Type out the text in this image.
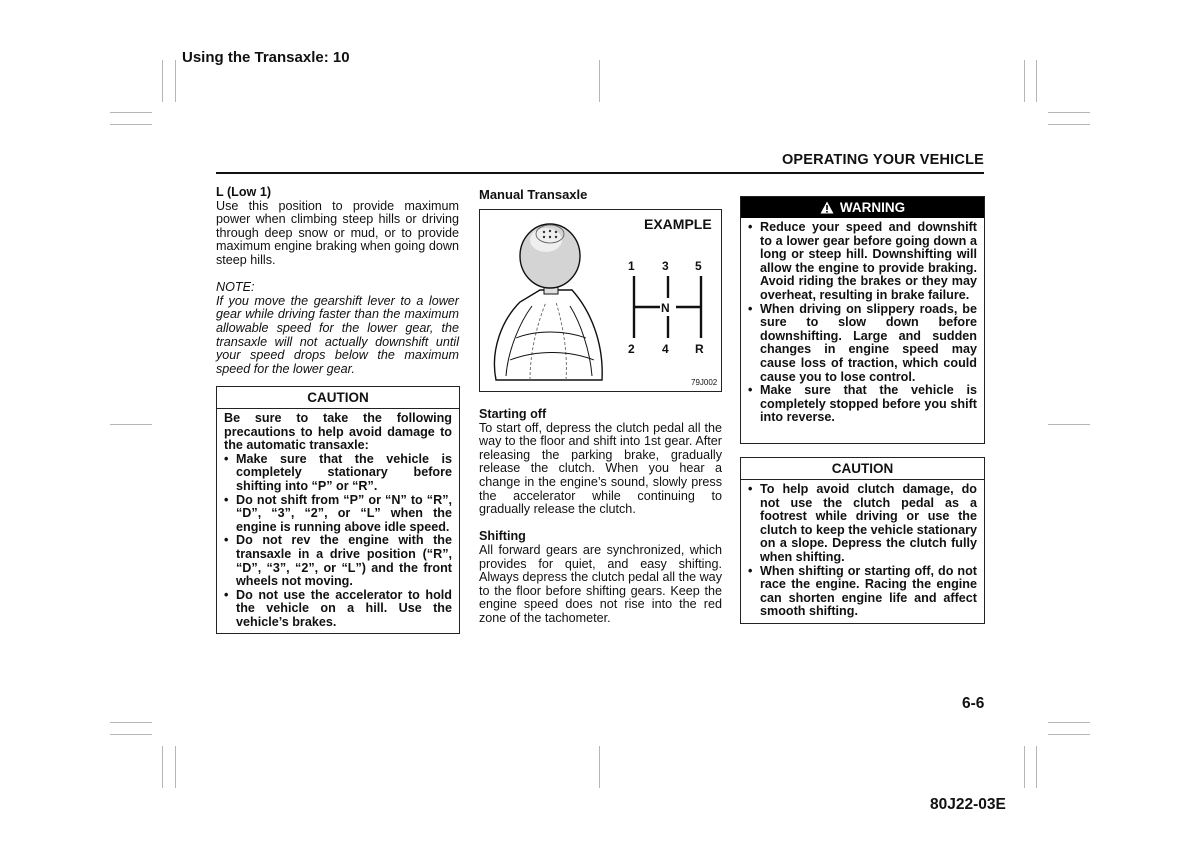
Using the Transaxle: 10
OPERATING YOUR VEHICLE

L (Low 1)

Use this position to provide maximum power when climbing steep hills or driving through deep snow or mud, or to provide maximum engine braking when going down steep hills.

NOTE:

If you move the gearshift lever to a lower gear while driving faster than the maximum allowable speed for the lower gear, the transaxle will not actually downshift until your speed drops below the maximum speed for the lower gear.

CAUTION
Be sure to take the following precautions to help avoid damage to the automatic transaxle:
• Make sure that the vehicle is completely stationary before shifting into “P” or “R”.
• Do not shift from “P” or “N” to “R”, “D”, “3”, “2”, or “L” when the engine is running above idle speed.
• Do not rev the engine with the transaxle in a drive position (“R”, “D”, “3”, “2”, or “L”) and the front wheels not moving.
• Do not use the accelerator to hold the vehicle on a hill. Use the vehicle’s brakes.
Manual Transaxle
EXAMPLE
1 3 5
N
2 4 R
79J002

Starting off

To start off, depress the clutch pedal all the way to the floor and shift into 1st gear. After releasing the parking brake, gradually release the clutch. When you hear a change in the engine’s sound, slowly press the accelerator while continuing to gradually release the clutch.

Shifting

All forward gears are synchronized, which provides for quiet, and easy shifting. Always depress the clutch pedal all the way to the floor before shifting gears. Keep the engine speed does not rise into the red zone of the tachometer.

WARNING
• Reduce your speed and downshift to a lower gear before going down a long or steep hill. Downshifting will allow the engine to provide braking. Avoid riding the brakes or they may overheat, resulting in brake failure.
• When driving on slippery roads, be sure to slow down before downshifting. Large and sudden changes in engine speed may cause loss of traction, which could cause you to lose control.
• Make sure that the vehicle is completely stopped before you shift into reverse.
CAUTION
• To help avoid clutch damage, do not use the clutch pedal as a footrest while driving or use the clutch to keep the vehicle stationary on a slope. Depress the clutch fully when shifting.
• When shifting or starting off, do not race the engine. Racing the engine can shorten engine life and affect smooth shifting.
6-6
80J22-03E
